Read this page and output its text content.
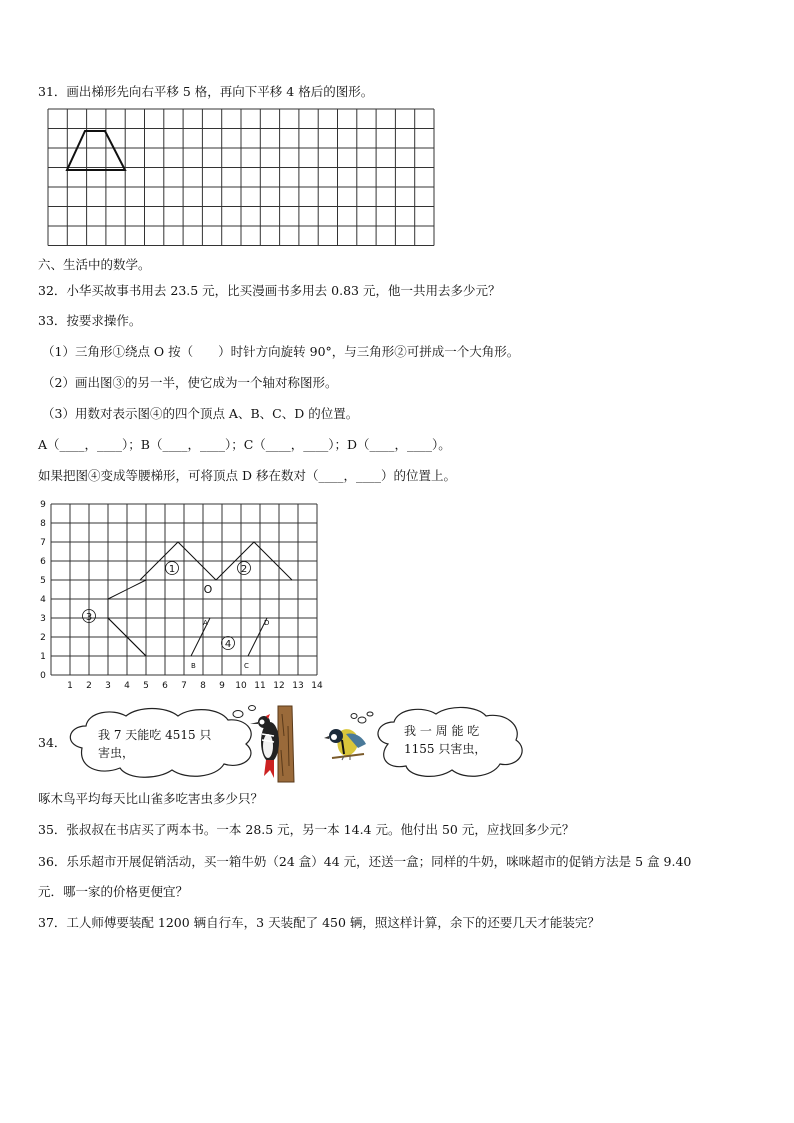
31．画出梯形先向右平移 5 格，再向下平移 4 格后的图形。
六、生活中的数学。
32．小华买故事书用去 23.5 元，比买漫画书多用去 0.83 元，他一共用去多少元？
33．按要求操作。
（1）三角形①绕点 O 按（　　）时针方向旋转 90°，与三角形②可拼成一个大角形。
（2）画出图③的另一半，使它成为一个轴对称图形。
（3）用数对表示图④的四个顶点 A、B、C、D 的位置。
A（____，____）；B（____，____）；C（____，____）；D（____，____）。
如果把图④变成等腰梯形，可将顶点 D 移在数对（____，____）的位置上。
0
1
2
3
4
5
6
7
8
9
1 2 3 4 5 6 7 8 9 10 11 12 13 14
1	2
3
4
O
A
B	C
D
34．	我 7 天能吃 4515 只
害虫，
我 一 周 能 吃
1155 只害虫，
啄木鸟平均每天比山雀多吃害虫多少只？
35．张叔叔在书店买了两本书。一本 28.5 元，另一本 14.4 元。他付出 50 元，应找回多少元？
36．乐乐超市开展促销活动，买一箱牛奶（24 盒）44 元，还送一盒；同样的牛奶，咪咪超市的促销方法是 5 盒 9.40
元．哪一家的价格更便宜？
37．工人师傅要装配 1200 辆自行车，3 天装配了 450 辆，照这样计算，余下的还要几天才能装完？
